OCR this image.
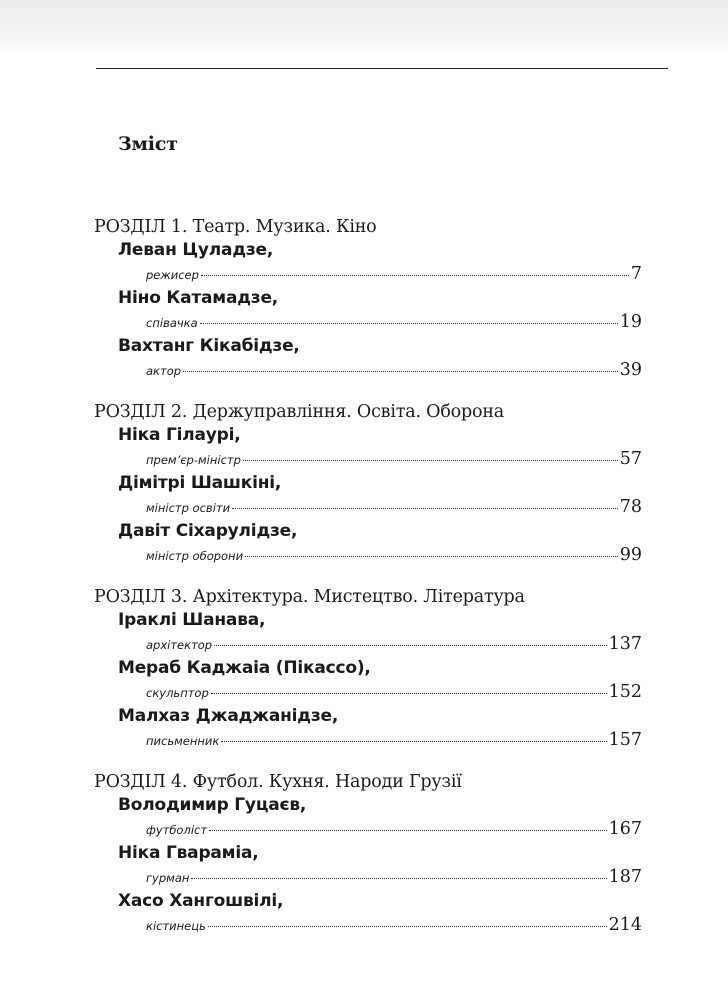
Зміст
РОЗДІЛ 1. Театр. Музика. Кіно
Леван Цуладзе,
режисер	7
Ніно Катамадзе,
співачка	19
Вахтанг Кікабідзе,
актор	39
РОЗДІЛ 2. Держуправління. Освіта. Оборона
Ніка Гілаурі,
прем’єр-міністр	57
Дімітрі Шашкіні,
міністр освіти	78
Давіт Сіхарулідзе,
міністр оборони	99
РОЗДІЛ 3. Архітектура. Мистецтво. Література
Іраклі Шанава,
архітектор	137
Мераб Каджаіа (Пікассо),
скульптор	152
Малхаз Джаджанідзе,
письменник	157
РОЗДІЛ 4. Футбол. Кухня. Народи Грузії
Володимир Гуцаєв,
футболіст	167
Ніка Гвараміа,
гурман	187
Хасо Хангошвілі,
кістинець	214
